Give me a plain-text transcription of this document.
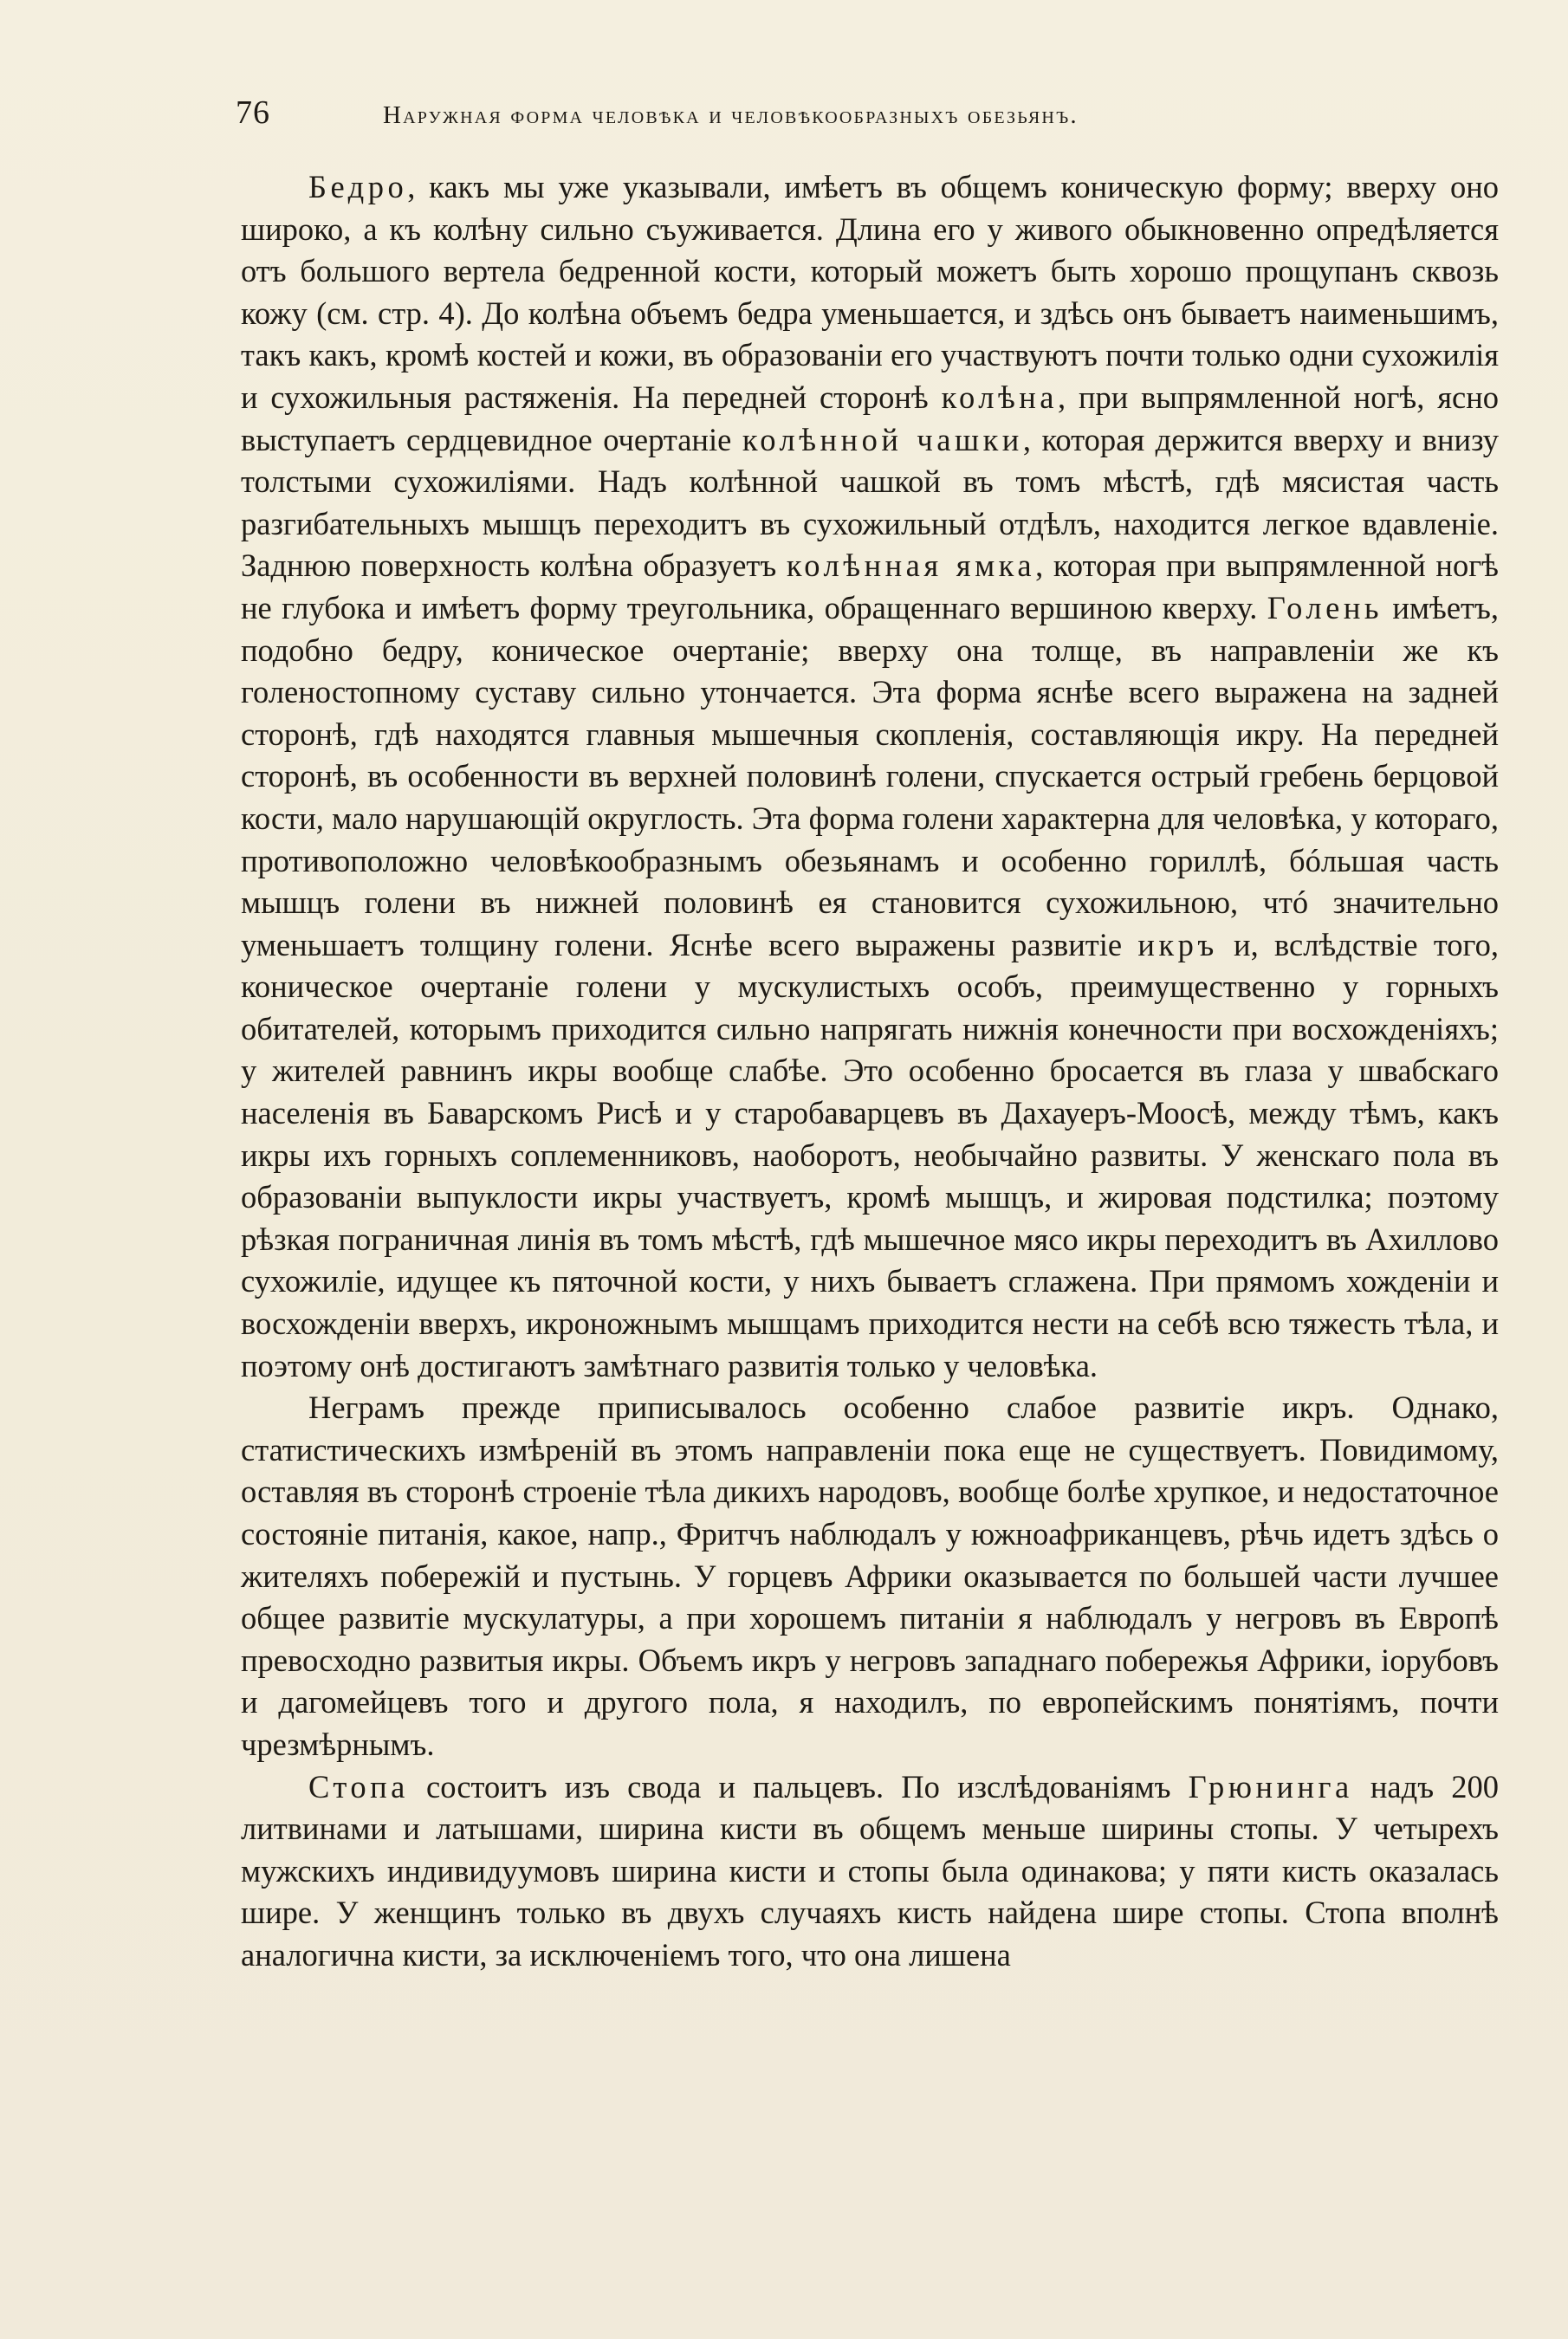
76	Наружная форма человѣка и человѣкообразныхъ обезьянъ.

Бедро, какъ мы уже указывали, имѣетъ въ общемъ коническую форму; вверху оно широко, а къ колѣну сильно съуживается. Длина его у живого обыкновенно опредѣляется отъ большого вертела бедренной кости, который можетъ быть хорошо прощупанъ сквозь кожу (см. стр. 4). До колѣна объемъ бедра уменьшается, и здѣсь онъ бываетъ наименьшимъ, такъ какъ, кромѣ костей и кожи, въ образованіи его участвуютъ почти только одни сухожилія и сухожильныя растяженія. На передней сторонѣ колѣна, при выпрямленной ногѣ, ясно выступаетъ сердцевидное очертаніе колѣнной чашки, которая держится вверху и внизу толстыми сухожиліями. Надъ колѣнной чашкой въ томъ мѣстѣ, гдѣ мясистая часть разгибательныхъ мышцъ переходитъ въ сухожильный отдѣлъ, находится легкое вдавленіе. Заднюю поверхность колѣна образуетъ колѣнная ямка, которая при выпрямленной ногѣ не глубока и имѣетъ форму треугольника, обращеннаго вершиною кверху. Голень имѣетъ, подобно бедру, коническое очертаніе; вверху она толще, въ направленіи же къ голеностопному суставу сильно утончается. Эта форма яснѣе всего выражена на задней сторонѣ, гдѣ находятся главныя мышечныя скопленія, составляющія икру. На передней сторонѣ, въ особенности въ верхней половинѣ голени, спускается острый гребень берцовой кости, мало нарушающій округлость. Эта форма голени характерна для человѣка, у котораго, противоположно человѣкообразнымъ обезьянамъ и особенно гориллѣ, бóльшая часть мышцъ голени въ нижней половинѣ ея становится сухожильною, чтó значительно уменьшаетъ толщину голени. Яснѣе всего выражены развитіе икръ и, вслѣдствіе того, коническое очертаніе голени у мускулистыхъ особъ, преимущественно у горныхъ обитателей, которымъ приходится сильно напрягать нижнія конечности при восхожденіяхъ; у жителей равнинъ икры вообще слабѣе. Это особенно бросается въ глаза у швабскаго населенія въ Баварскомъ Рисѣ и у старобаварцевъ въ Дахауеръ-Моосѣ, между тѣмъ, какъ икры ихъ горныхъ соплеменниковъ, наоборотъ, необычайно развиты. У женскаго пола въ образованіи выпуклости икры участвуетъ, кромѣ мышцъ, и жировая подстилка; поэтому рѣзкая пограничная линія въ томъ мѣстѣ, гдѣ мышечное мясо икры переходитъ въ Ахиллово сухожиліе, идущее къ пяточной кости, у нихъ бываетъ сглажена. При прямомъ хожденіи и восхожденіи вверхъ, икроножнымъ мышцамъ приходится нести на себѣ всю тяжесть тѣла, и поэтому онѣ достигаютъ замѣтнаго развитія только у человѣка.

Неграмъ прежде приписывалось особенно слабое развитіе икръ. Однако, статистическихъ измѣреній въ этомъ направленіи пока еще не существуетъ. Повидимому, оставляя въ сторонѣ строеніе тѣла дикихъ народовъ, вообще болѣе хрупкое, и недостаточное состояніе питанія, какое, напр., Фритчъ наблюдалъ у южноафриканцевъ, рѣчь идетъ здѣсь о жителяхъ побережій и пустынь. У горцевъ Африки оказывается по большей части лучшее общее развитіе мускулатуры, а при хорошемъ питаніи я наблюдалъ у негровъ въ Европѣ превосходно развитыя икры. Объемъ икръ у негровъ западнаго побережья Африки, іорубовъ и дагомейцевъ того и другого пола, я находилъ, по европейскимъ понятіямъ, почти чрезмѣрнымъ.

Стопа состоитъ изъ свода и пальцевъ. По изслѣдованіямъ Грюнинга надъ 200 литвинами и латышами, ширина кисти въ общемъ меньше ширины стопы. У четырехъ мужскихъ индивидуумовъ ширина кисти и стопы была одинакова; у пяти кисть оказалась шире. У женщинъ только въ двухъ случаяхъ кисть найдена шире стопы. Стопа вполнѣ аналогична кисти, за исключеніемъ того, что она лишена
